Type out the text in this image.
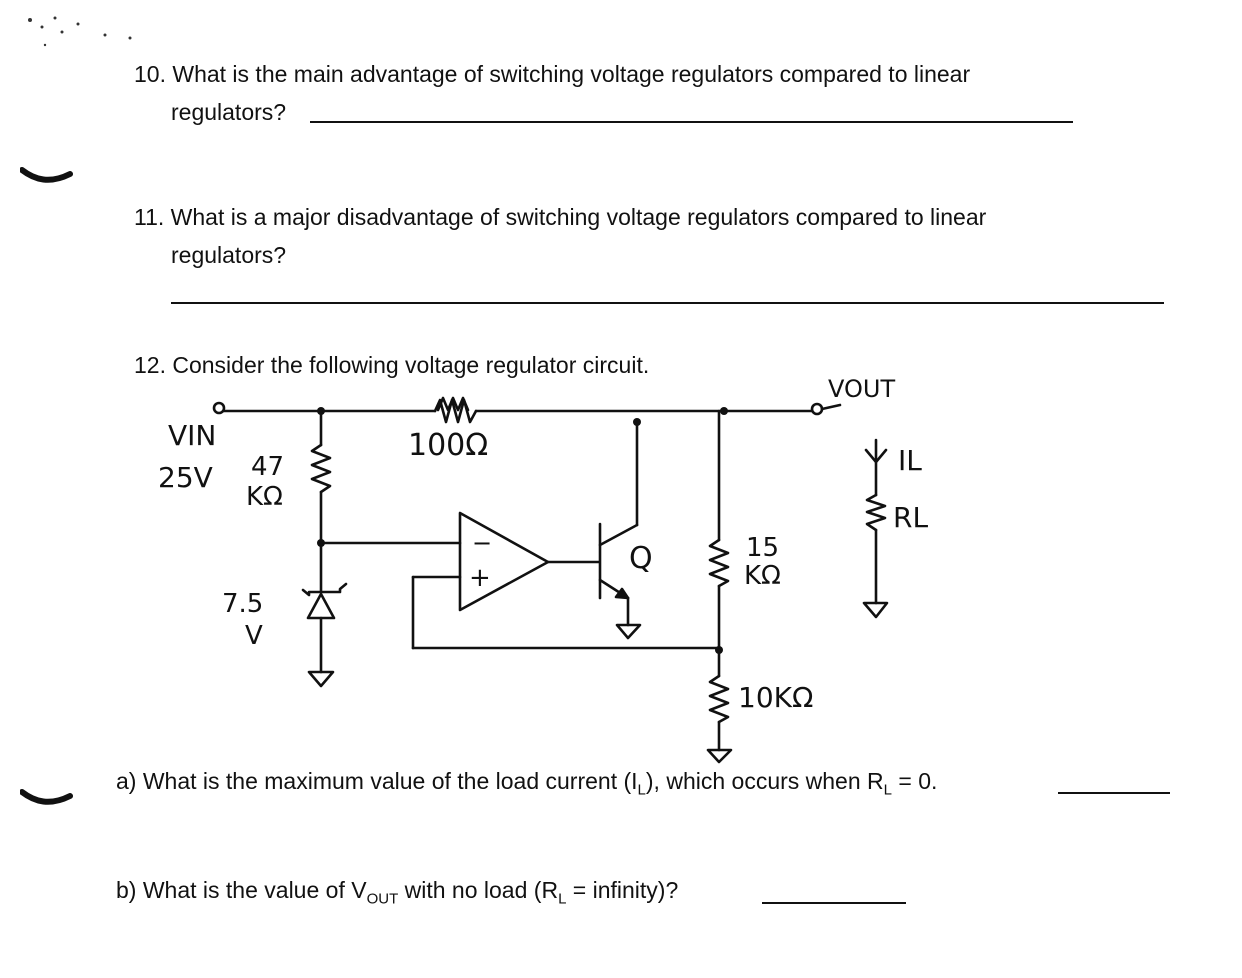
10. What is the main advantage of switching voltage regulators compared to linear
regulators?
11. What is a major disadvantage of switching voltage regulators compared to linear
regulators?
12. Consider the following voltage regulator circuit.
VIN
25V 47
KΩ
100Ω
7.5
V
−
+
Q	15
KΩ
10KΩ
VOUT
IL
RL
a) What is the maximum value of the load current $(I_L)$, which occurs when $R_L = 0$.
b) What is the value of $V_{OUT}$ with no load ($R_L$ = infinity)?
